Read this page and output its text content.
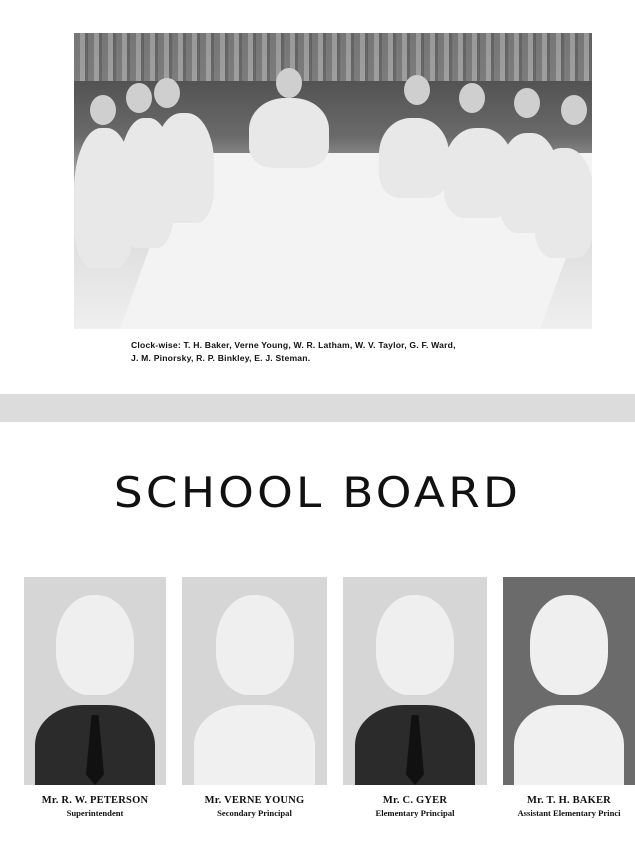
Clock-wise: T. H. Baker, Verne Young, W. R. Latham, W. V. Taylor, G. F. Ward,
J. M. Pinorsky, R. P. Binkley, E. J. Steman.
SCHOOL BOARD
Mr. R. W. PETERSON
Superintendent
Mr. VERNE YOUNG
Secondary Principal
Mr. C. GYER
Elementary Principal
Mr. T. H. BAKER
Assistant Elementary Princi
